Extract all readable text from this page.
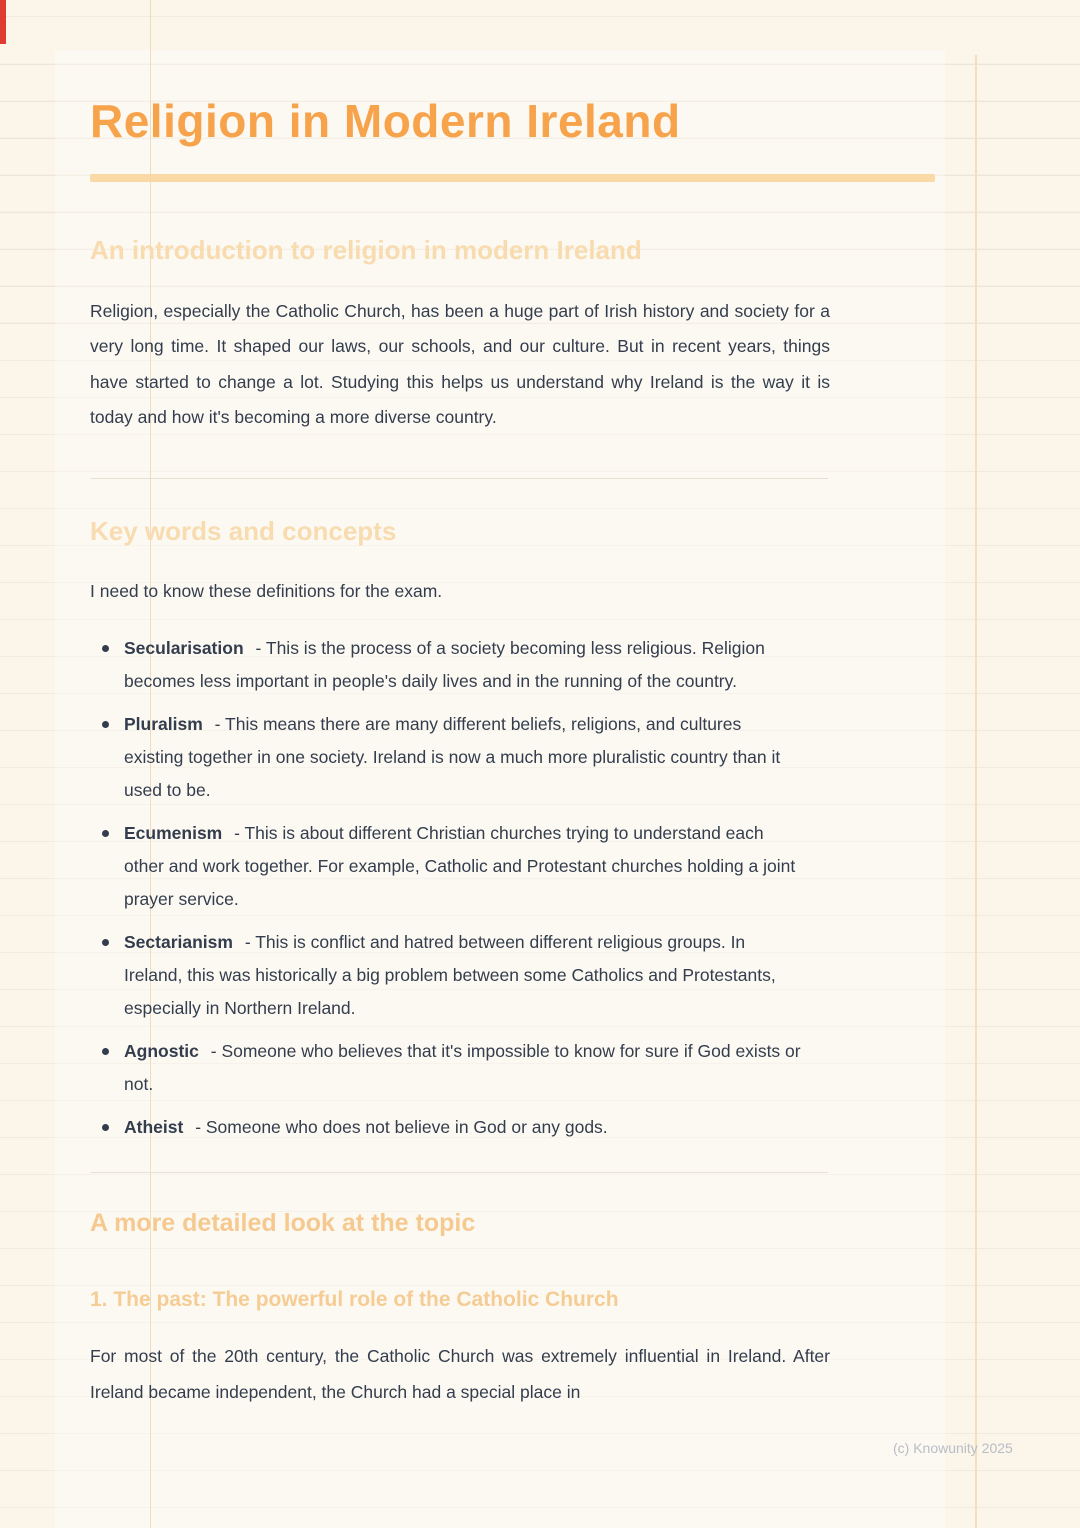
Religion in Modern Ireland
An introduction to religion in modern Ireland

Religion, especially the Catholic Church, has been a huge part of Irish history and society for a very long time. It shaped our laws, our schools, and our culture. But in recent years, things have started to change a lot. Studying this helps us understand why Ireland is the way it is today and how it's becoming a more diverse country.

Key words and concepts

I need to know these definitions for the exam.

Secularisation - This is the process of a society becoming less religious. Religion becomes less important in people's daily lives and in the running of the country.
Pluralism - This means there are many different beliefs, religions, and cultures existing together in one society. Ireland is now a much more pluralistic country than it used to be.
Ecumenism - This is about different Christian churches trying to understand each other and work together. For example, Catholic and Protestant churches holding a joint prayer service.
Sectarianism - This is conflict and hatred between different religious groups. In Ireland, this was historically a big problem between some Catholics and Protestants, especially in Northern Ireland.
Agnostic - Someone who believes that it's impossible to know for sure if God exists or not.
Atheist - Someone who does not believe in God or any gods.
A more detailed look at the topic
1. The past: The powerful role of the Catholic Church

For most of the 20th century, the Catholic Church was extremely influential in Ireland. After Ireland became independent, the Church had a special place in

(c) Knowunity 2025
